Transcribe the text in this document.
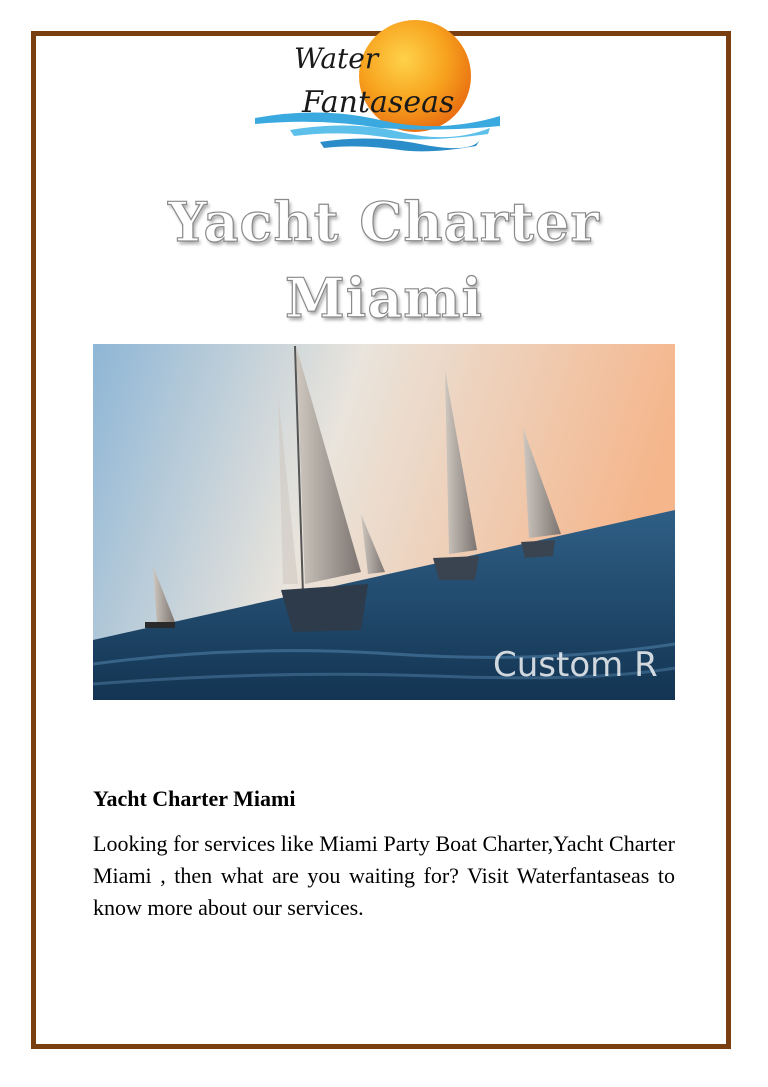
Water
Fantaseas
Yacht Charter
Miami
Custom R
Yacht Charter Miami
Looking for services like Miami Party Boat Charter,Yacht Charter Miami , then what are you waiting for? Visit Waterfantaseas to know more about our services.
